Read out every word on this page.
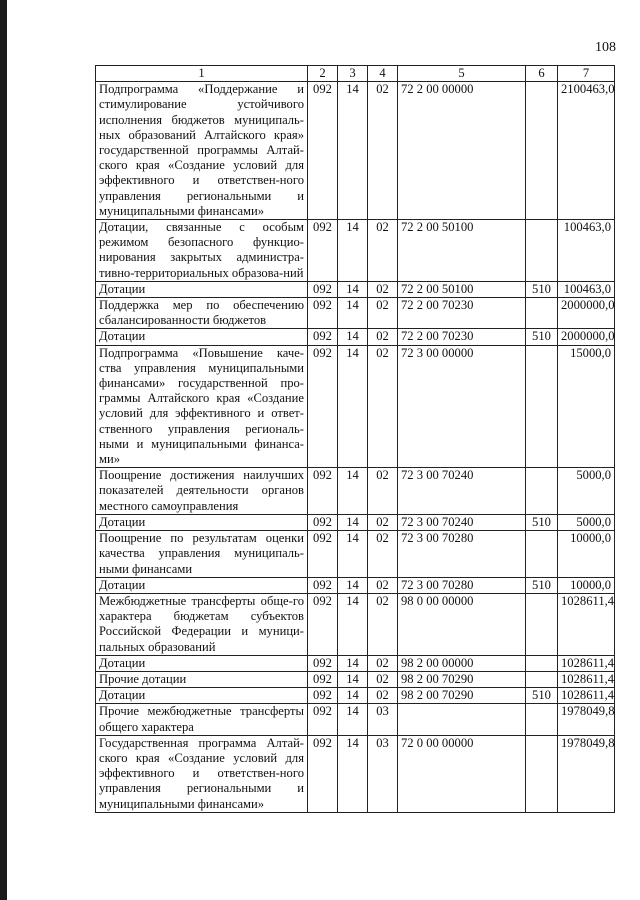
108
1	2	3	4	5	6	7
Подпрограмма «Поддержание и стимулирование устойчивого исполнения бюджетов муниципаль-ных образований Алтайского края» государственной программы Алтай-ского края «Создание условий для эффективного и ответствен-ного управления региональными и муниципальными финансами»	092	14	02	72 2 00 00000		2100463,0
Дотации, связанные с особым режимом безопасного функцио-нирования закрытых администра-тивно-территориальных образова-ний	092	14	02	72 2 00 50100		100463,0
Дотации	092	14	02	72 2 00 50100	510	100463,0
Поддержка мер по обеспечению сбалансированности бюджетов	092	14	02	72 2 00 70230		2000000,0
Дотации	092	14	02	72 2 00 70230	510	2000000,0
Подпрограмма «Повышение каче-ства управления муниципальными финансами» государственной про-граммы Алтайского края «Создание условий для эффективного и ответ-ственного управления региональ-ными и муниципальными финанса-ми»	092	14	02	72 3 00 00000		15000,0
Поощрение достижения наилучших показателей деятельности органов местного самоуправления	092	14	02	72 3 00 70240		5000,0
Дотации	092	14	02	72 3 00 70240	510	5000,0
Поощрение по результатам оценки качества управления муниципаль-ными финансами	092	14	02	72 3 00 70280		10000,0
Дотации	092	14	02	72 3 00 70280	510	10000,0
Межбюджетные трансферты обще-го характера бюджетам субъектов Российской Федерации и муници-пальных образований	092	14	02	98 0 00 00000		1028611,4
Дотации	092	14	02	98 2 00 00000		1028611,4
Прочие дотации	092	14	02	98 2 00 70290		1028611,4
Дотации	092	14	02	98 2 00 70290	510	1028611,4
Прочие межбюджетные трансферты общего характера	092	14	03			1978049,8
Государственная программа Алтай-ского края «Создание условий для эффективного и ответствен-ного управления региональными и муниципальными финансами»	092	14	03	72 0 00 00000		1978049,8
